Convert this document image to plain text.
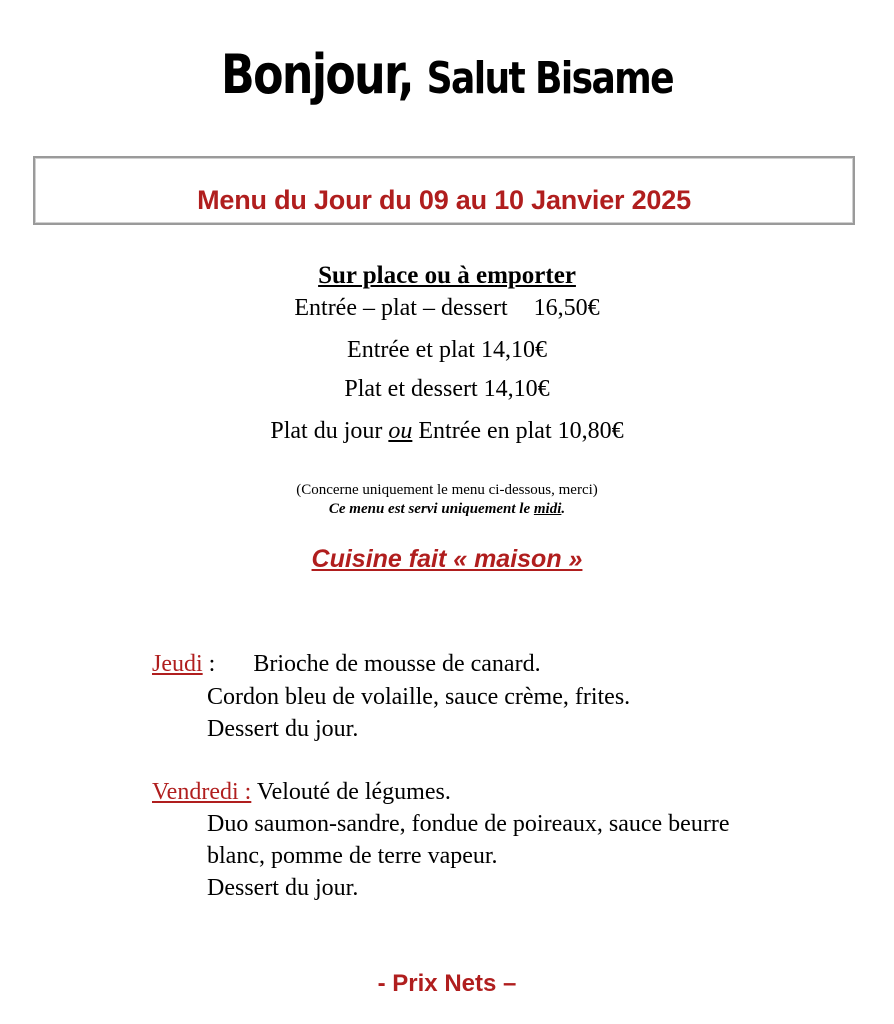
Bonjour, Salut Bisame
Menu du Jour du 09 au 10 Janvier 2025
Sur place ou à emporter
Entrée – plat – dessert 16,50€
Entrée et plat 14,10€
Plat et dessert 14,10€
Plat du jour ou Entrée en plat 10,80€
(Concerne uniquement le menu ci-dessous, merci)
Ce menu est servi uniquement le midi.
Cuisine fait « maison »
Jeudi : Brioche de mousse de canard.
Cordon bleu de volaille, sauce crème, frites.
Dessert du jour.
Vendredi : Velouté de légumes.
Duo saumon-sandre, fondue de poireaux, sauce beurre
blanc, pomme de terre vapeur.
Dessert du jour.
- Prix Nets –
